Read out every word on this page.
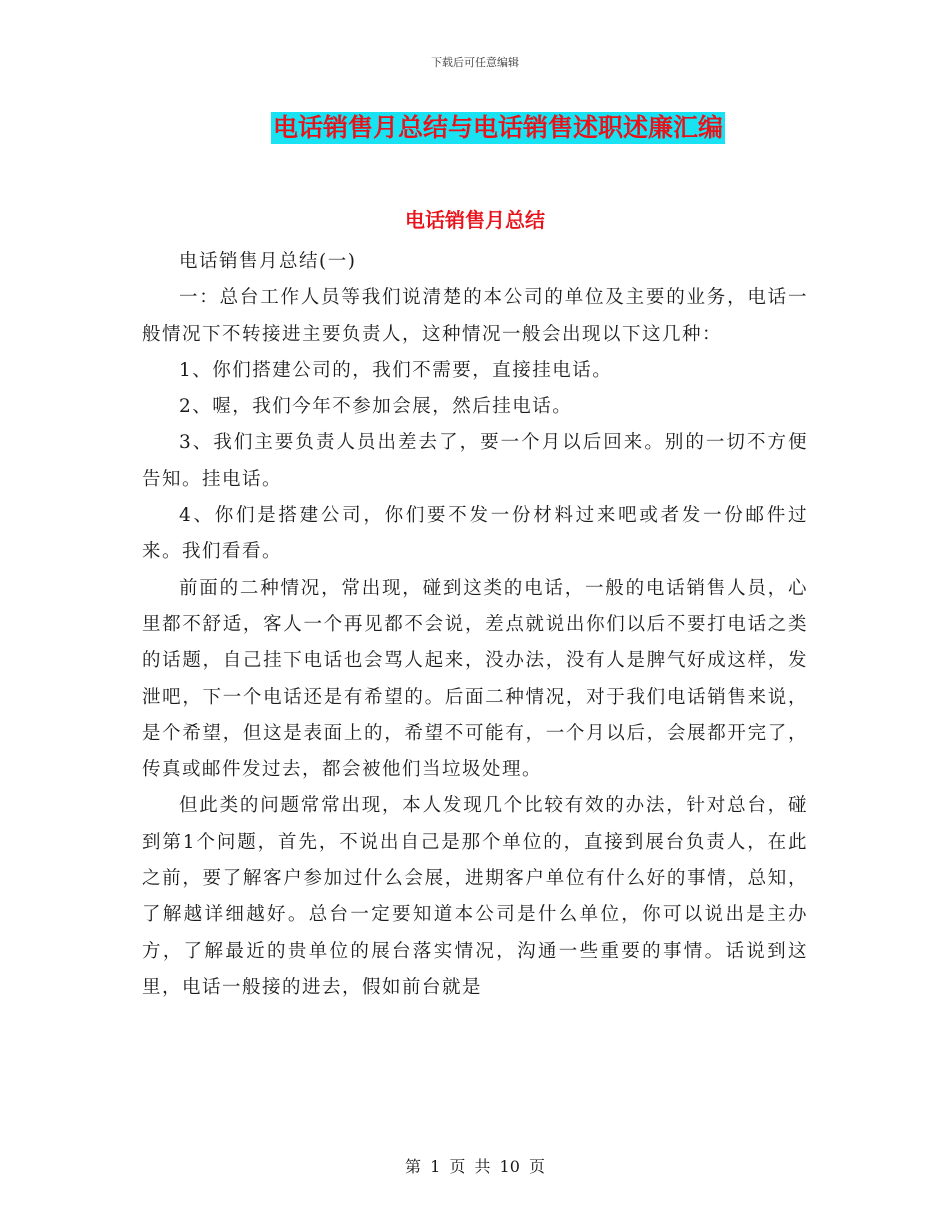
下载后可任意编辑
电话销售月总结与电话销售述职述廉汇编
电话销售月总结

电话销售月总结(一)

一：总台工作人员等我们说清楚的本公司的单位及主要的业务，电话一般情况下不转接进主要负责人，这种情况一般会出现以下这几种：

1、你们搭建公司的，我们不需要，直接挂电话。

2、喔，我们今年不参加会展，然后挂电话。

3、我们主要负责人员出差去了，要一个月以后回来。别的一切不方便告知。挂电话。

4、你们是搭建公司，你们要不发一份材料过来吧或者发一份邮件过来。我们看看。

前面的二种情况，常出现，碰到这类的电话，一般的电话销售人员，心里都不舒适，客人一个再见都不会说，差点就说出你们以后不要打电话之类的话题，自己挂下电话也会骂人起来，没办法，没有人是脾气好成这样，发泄吧，下一个电话还是有希望的。后面二种情况，对于我们电话销售来说，是个希望，但这是表面上的，希望不可能有，一个月以后，会展都开完了，传真或邮件发过去，都会被他们当垃圾处理。

但此类的问题常常出现，本人发现几个比较有效的办法，针对总台，碰到第1个问题，首先，不说出自己是那个单位的，直接到展台负责人，在此之前，要了解客户参加过什么会展，进期客户单位有什么好的事情，总知，了解越详细越好。总台一定要知道本公司是什么单位，你可以说出是主办方，了解最近的贵单位的展台落实情况，沟通一些重要的事情。话说到这里，电话一般接的进去，假如前台就是

第 1 页 共 10 页
